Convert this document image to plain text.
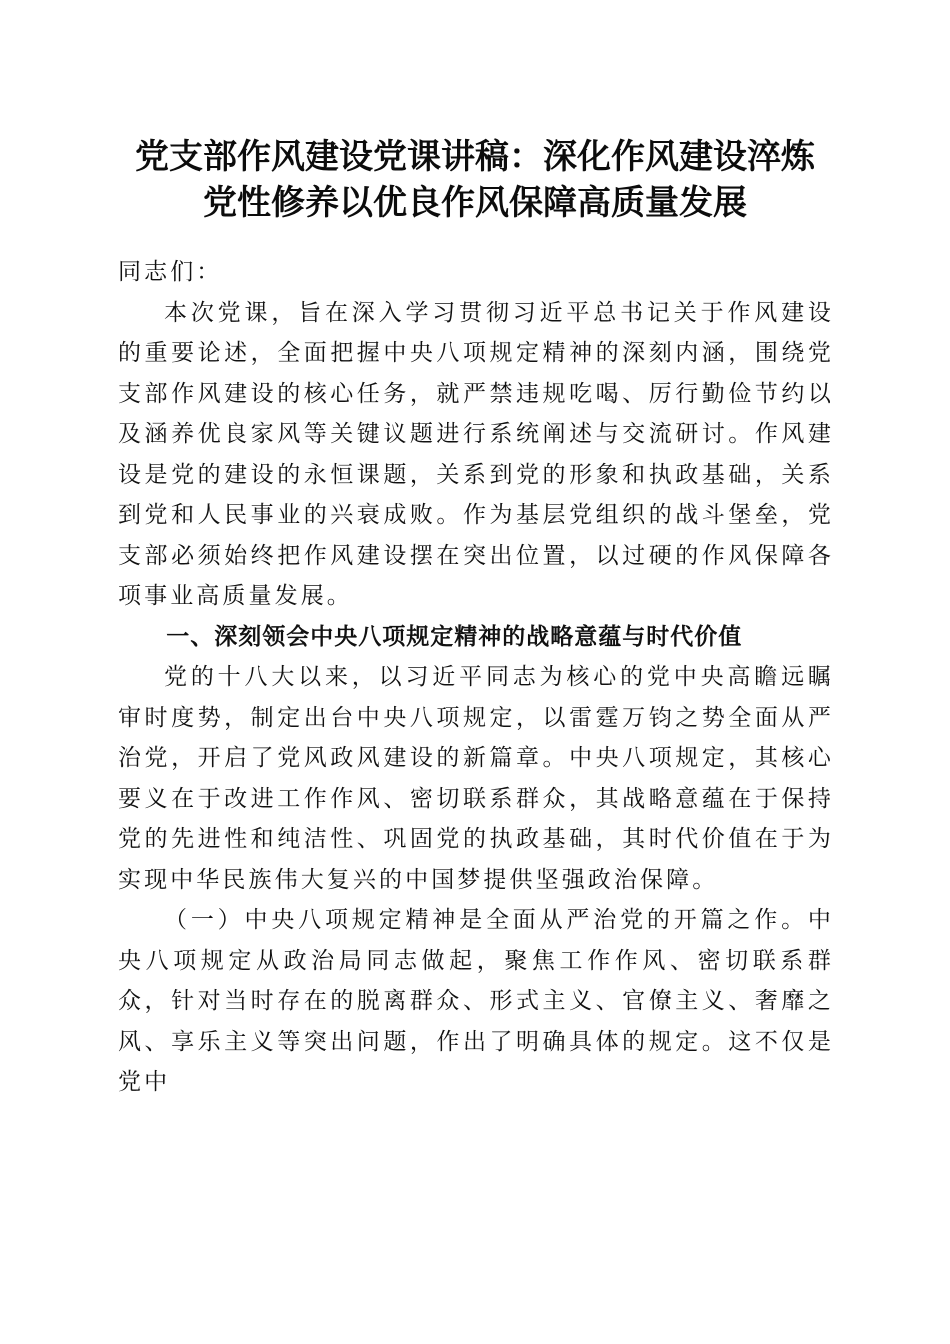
党支部作风建设党课讲稿：深化作风建设淬炼
党性修养以优良作风保障高质量发展

同志们：

本次党课，旨在深入学习贯彻习近平总书记关于作风建设的重要论述，全面把握中央八项规定精神的深刻内涵，围绕党支部作风建设的核心任务，就严禁违规吃喝、厉行勤俭节约以及涵养优良家风等关键议题进行系统阐述与交流研讨。作风建设是党的建设的永恒课题，关系到党的形象和执政基础，关系到党和人民事业的兴衰成败。作为基层党组织的战斗堡垒，党支部必须始终把作风建设摆在突出位置，以过硬的作风保障各项事业高质量发展。

一、深刻领会中央八项规定精神的战略意蕴与时代价值

党的十八大以来，以习近平同志为核心的党中央高瞻远瞩审时度势，制定出台中央八项规定，以雷霆万钧之势全面从严治党，开启了党风政风建设的新篇章。中央八项规定，其核心要义在于改进工作作风、密切联系群众，其战略意蕴在于保持党的先进性和纯洁性、巩固党的执政基础，其时代价值在于为实现中华民族伟大复兴的中国梦提供坚强政治保障。

（一）中央八项规定精神是全面从严治党的开篇之作。中央八项规定从政治局同志做起，聚焦工作作风、密切联系群众，针对当时存在的脱离群众、形式主义、官僚主义、奢靡之风、享乐主义等突出问题，作出了明确具体的规定。这不仅是党中
